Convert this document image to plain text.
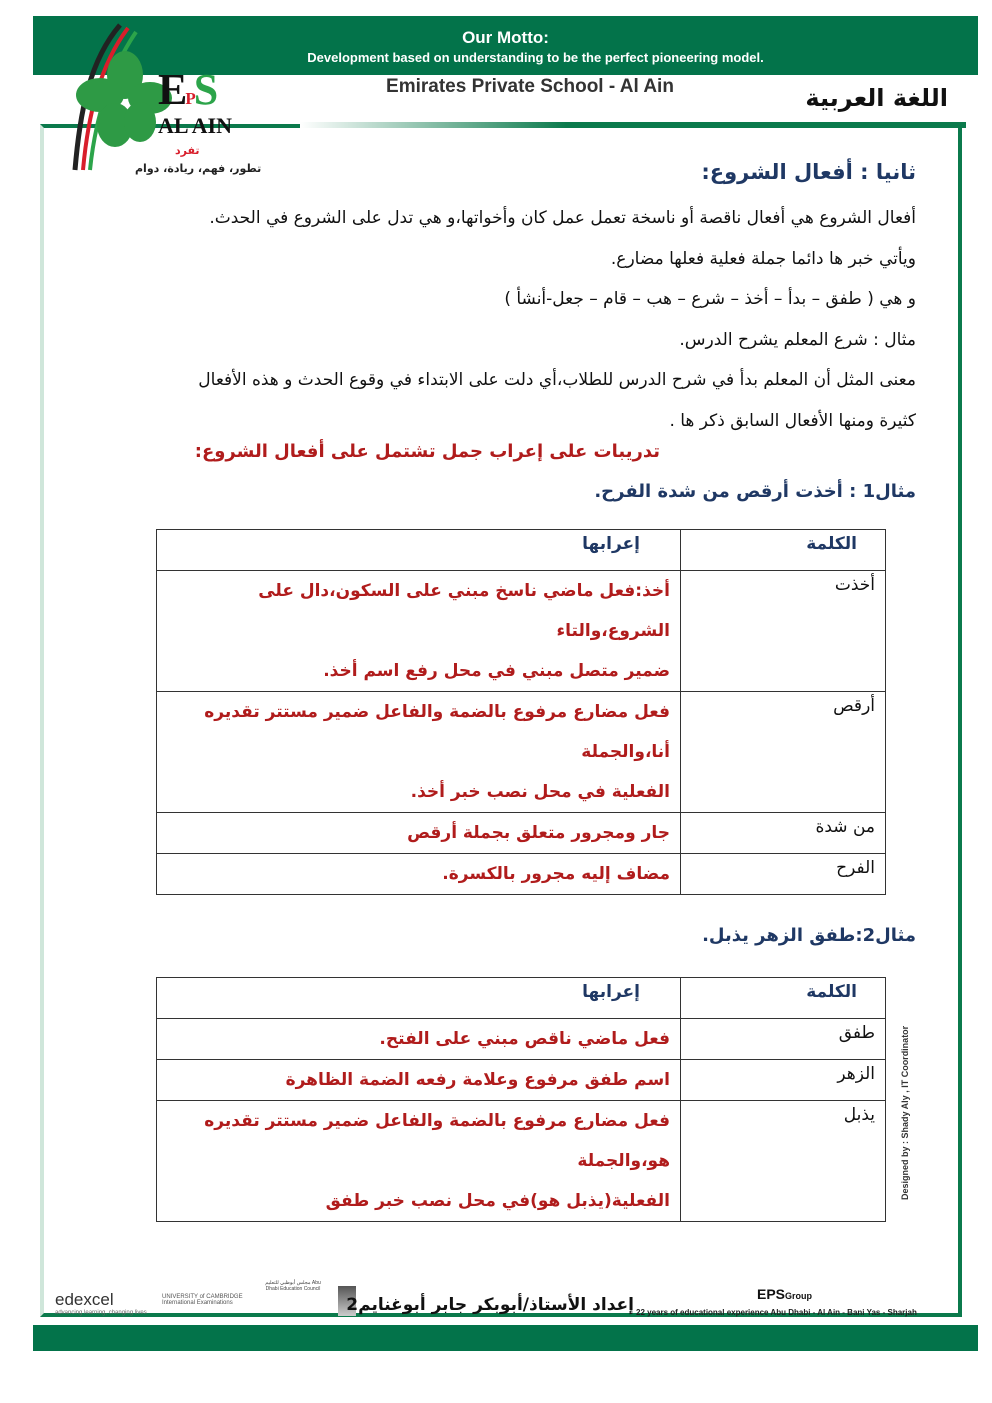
Our Motto:
Development based on understanding to be the perfect pioneering model.
Emirates Private School - Al Ain	اللغة العربية
EPS
AL AIN
تفرد
تطور، فهم، ريادة، دوام	ثانيا : أفعال الشروع:
أفعال الشروع هي أفعال ناقصة أو ناسخة تعمل عمل كان وأخواتها،و هي تدل على الشروع في الحدث.
ويأتي خبر ها دائما جملة فعلية فعلها مضارع.
و هي ( طفق – بدأ – أخذ – شرع – هب – قام – جعل-أنشأ )
مثال : شرع المعلم يشرح الدرس.
معنى المثل أن المعلم بدأ في شرح الدرس للطلاب،أي دلت على الابتداء في وقوع الحدث و هذه الأفعال
كثيرة ومنها الأفعال السابق ذكر ها .
تدريبات على إعراب جمل تشتمل على أفعال الشروع:
مثال1 : أخذت أرقص من شدة الفرح.
الكلمة	إعرابها
أخذت	أخذ:فعل ماضي ناسخ مبني على السكون،دال على الشروع،والتاء
ضمير متصل مبني في محل رفع اسم أخذ.

أرقص	فعل مضارع مرفوع بالضمة والفاعل ضمير مستتر تقديره أنا،والجملة
الفعلية في محل نصب خبر أخذ.

من شدة	جار ومجرور متعلق بجملة أرقص

الفرح	مضاف إليه مجرور بالكسرة.
مثال2:طفق الزهر يذبل.
الكلمة	إعرابها
طفق	فعل ماضي ناقص مبني على الفتح.

الزهر	اسم طفق مرفوع وعلامة رفعه الضمة الظاهرة

يذبل	فعل مضارع مرفوع بالضمة والفاعل ضمير مستتر تقديره هو،والجملة
الفعلية(يذبل هو)في محل نصب خبر طفق
edexcel
advancing learning, changing lives
UNIVERSITY of CAMBRIDGE International Examinations
مجلس أبوظبي للتعليم Abu Dhabi Education Council
إعداد الأستاذ/أبوبكر جابر أبوغنايم2	22 years of educational experience Abu Dhabi - Al Ain - Bani Yas - Sharjah
EPSGroup
Designed by : Shady Aly , IT Coordinator
